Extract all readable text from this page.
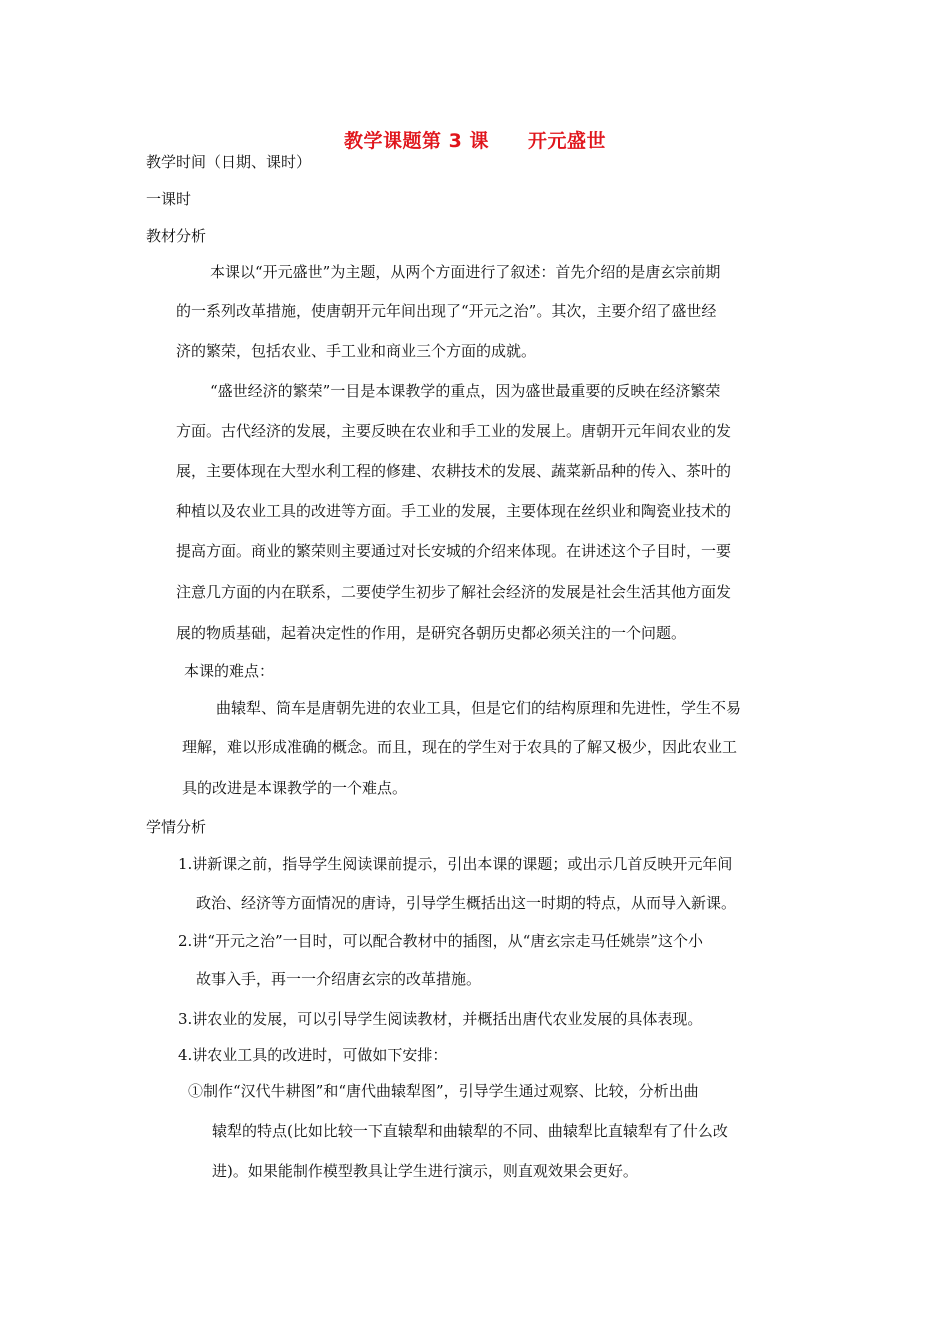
教学课题第 3 课　　开元盛世
教学时间（日期、课时）
一课时
教材分析
本课以“开元盛世”为主题，从两个方面进行了叙述：首先介绍的是唐玄宗前期
的一系列改革措施，使唐朝开元年间出现了“开元之治”。其次，主要介绍了盛世经
济的繁荣，包括农业、手工业和商业三个方面的成就。
“盛世经济的繁荣”一目是本课教学的重点，因为盛世最重要的反映在经济繁荣
方面。古代经济的发展，主要反映在农业和手工业的发展上。唐朝开元年间农业的发
展，主要体现在大型水利工程的修建、农耕技术的发展、蔬菜新品种的传入、茶叶的
种植以及农业工具的改进等方面。手工业的发展，主要体现在丝织业和陶瓷业技术的
提高方面。商业的繁荣则主要通过对长安城的介绍来体现。在讲述这个子目时，一要
注意几方面的内在联系，二要使学生初步了解社会经济的发展是社会生活其他方面发
展的物质基础，起着决定性的作用，是研究各朝历史都必须关注的一个问题。
本课的难点：
曲辕犁、筒车是唐朝先进的农业工具，但是它们的结构原理和先进性，学生不易
理解，难以形成准确的概念。而且，现在的学生对于农具的了解又极少，因此农业工
具的改进是本课教学的一个难点。
学情分析
1.讲新课之前，指导学生阅读课前提示，引出本课的课题；或出示几首反映开元年间
政治、经济等方面情况的唐诗，引导学生概括出这一时期的特点，从而导入新课。
2.讲“开元之治”一目时，可以配合教材中的插图，从“唐玄宗走马任姚崇”这个小
故事入手，再一一介绍唐玄宗的改革措施。
3.讲农业的发展，可以引导学生阅读教材，并概括出唐代农业发展的具体表现。
4.讲农业工具的改进时，可做如下安排：
①制作“汉代牛耕图”和“唐代曲辕犁图”，引导学生通过观察、比较，分析出曲
辕犁的特点(比如比较一下直辕犁和曲辕犁的不同、曲辕犁比直辕犁有了什么改
进)。如果能制作模型教具让学生进行演示，则直观效果会更好。
